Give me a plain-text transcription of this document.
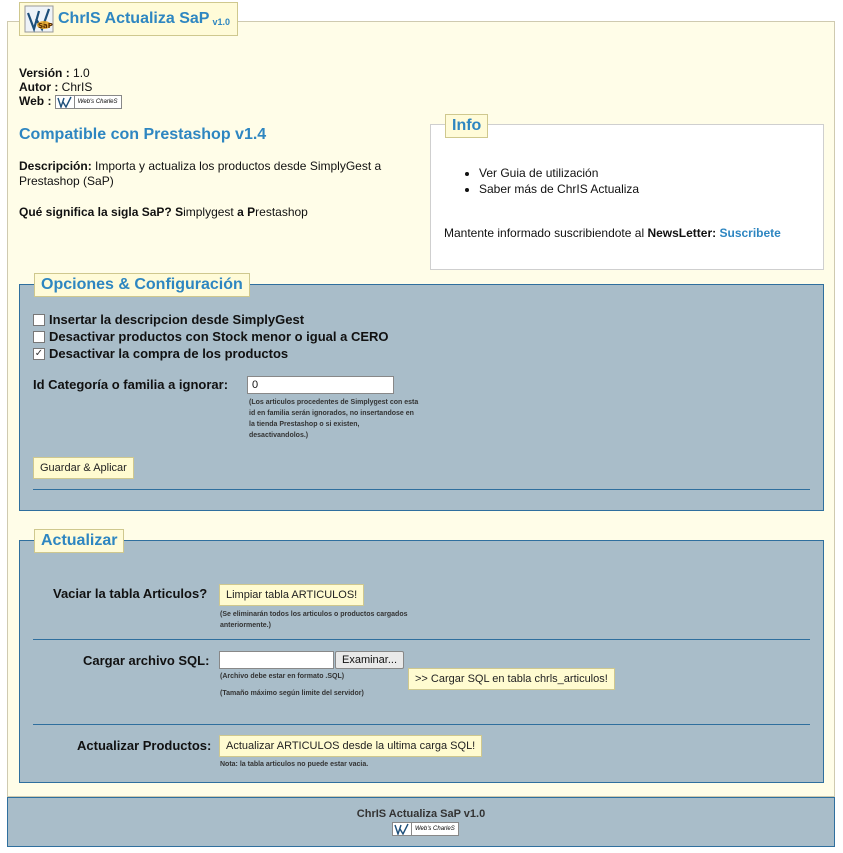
SaP ChrIS Actualiza SaP v1.0
Versión : 1.0
Autor : ChrIS
Web :	Web's CharleS
Compatible con Prestashop v1.4
Descripción: Importa y actualiza los productos desde SimplyGest a Prestashop (SaP)
Qué significa la sigla SaP? Simplygest a Prestashop
Info
• Ver Guia de utilización
• Saber más de ChrIS Actualiza
Mantente informado suscribiendote al NewsLetter: Suscribete
Opciones & Configuración
Insertar la descripcion desde SimplyGest
Desactivar productos con Stock menor o igual a CERO
✓ Desactivar la compra de los productos
Id Categoría o familia a ignorar:	0
(Los articulos procedentes de Simplygest con esta id en familia serán ignorados, no insertandose en la tienda Prestashop o si existen, desactivandolos.)
Guardar & Aplicar
Actualizar
Vaciar la tabla Articulos?	Limpiar tabla ARTICULOS!
(Se eliminarán todos los articulos o productos cargados anteriormente.)
Cargar archivo SQL:	Examinar...
(Archivo debe estar en formato .SQL)
(Tamaño máximo según limite del servidor)
>> Cargar SQL en tabla chrls_articulos!
Actualizar Productos:	Actualizar ARTICULOS desde la ultima carga SQL!
Nota: la tabla articulos no puede estar vacia.
ChrIS Actualiza SaP v1.0
Web's CharleS
